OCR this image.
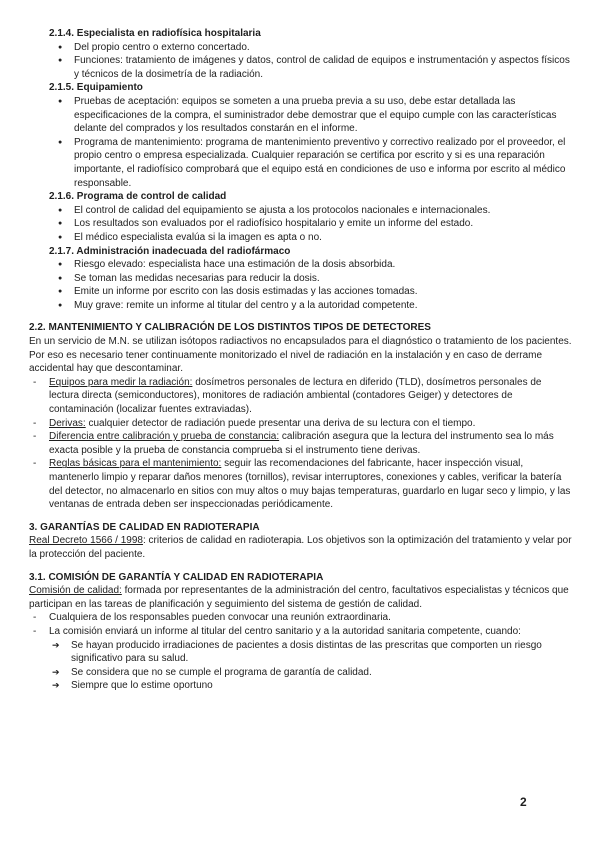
2.1.4. Especialista en radiofísica hospitalaria
● Del propio centro o externo concertado.
● Funciones: tratamiento de imágenes y datos, control de calidad de equipos e instrumentación y aspectos físicos y técnicos de la dosimetría de la radiación.
2.1.5. Equipamiento
● Pruebas de aceptación: equipos se someten a una prueba previa a su uso, debe estar detallada las especificaciones de la compra, el suministrador debe demostrar que el equipo cumple con las características delante del comprados y los resultados constarán en el informe.
● Programa de mantenimiento: programa de mantenimiento preventivo y correctivo realizado por el proveedor, el propio centro o empresa especializada. Cualquier reparación se certifica por escrito y si es una reparación importante, el radiofísico comprobará que el equipo está en condiciones de uso e informa por escrito al médico responsable.
2.1.6. Programa de control de calidad
● El control de calidad del equipamiento se ajusta a los protocolos nacionales e internacionales.
● Los resultados son evaluados por el radiofísico hospitalario y emite un informe del estado.
● El médico especialista evalúa si la imagen es apta o no.
2.1.7. Administración inadecuada del radiofármaco
● Riesgo elevado: especialista hace una estimación de la dosis absorbida.
● Se toman las medidas necesarias para reducir la dosis.
● Emite un informe por escrito con las dosis estimadas y las acciones tomadas.
● Muy grave: remite un informe al titular del centro y a la autoridad competente.
2.2. MANTENIMIENTO Y CALIBRACIÓN DE LOS DISTINTOS TIPOS DE DETECTORES

En un servicio de M.N. se utilizan isótopos radiactivos no encapsulados para el diagnóstico o tratamiento de los pacientes. Por eso es necesario tener continuamente monitorizado el nivel de radiación en la instalación y en caso de derrame accidental hay que descontaminar.

- Equipos para medir la radiación: dosímetros personales de lectura en diferido (TLD), dosímetros personales de lectura directa (semiconductores), monitores de radiación ambiental (contadores Geiger) y detectores de contaminación (localizar fuentes extraviadas).
- Derivas: cualquier detector de radiación puede presentar una deriva de su lectura con el tiempo.
- Diferencia entre calibración y prueba de constancia: calibración asegura que la lectura del instrumento sea lo más exacta posible y la prueba de constancia comprueba si el instrumento tiene derivas.
- Reglas básicas para el mantenimiento: seguir las recomendaciones del fabricante, hacer inspección visual, mantenerlo limpio y reparar daños menores (tornillos), revisar interruptores, conexiones y cables, verificar la batería del detector, no almacenarlo en sitios con muy altos o muy bajas temperaturas, guardarlo en lugar seco y limpio, y las ventanas de entrada deben ser inspeccionadas periódicamente.
3. GARANTÍAS DE CALIDAD EN RADIOTERAPIA

Real Decreto 1566 / 1998: criterios de calidad en radioterapia. Los objetivos son la optimización del tratamiento y velar por la protección del paciente.

3.1. COMISIÓN DE GARANTÍA Y CALIDAD EN RADIOTERAPIA

Comisión de calidad: formada por representantes de la administración del centro, facultativos especialistas y técnicos que participan en las tareas de planificación y seguimiento del sistema de gestión de calidad.

- Cualquiera de los responsables pueden convocar una reunión extraordinaria.
- La comisión enviará un informe al titular del centro sanitario y a la autoridad sanitaria competente, cuando:
➔ Se hayan producido irradiaciones de pacientes a dosis distintas de las prescritas que comporten un riesgo significativo para su salud.
➔ Se considera que no se cumple el programa de garantía de calidad.
➔ Siempre que lo estime oportuno
2
